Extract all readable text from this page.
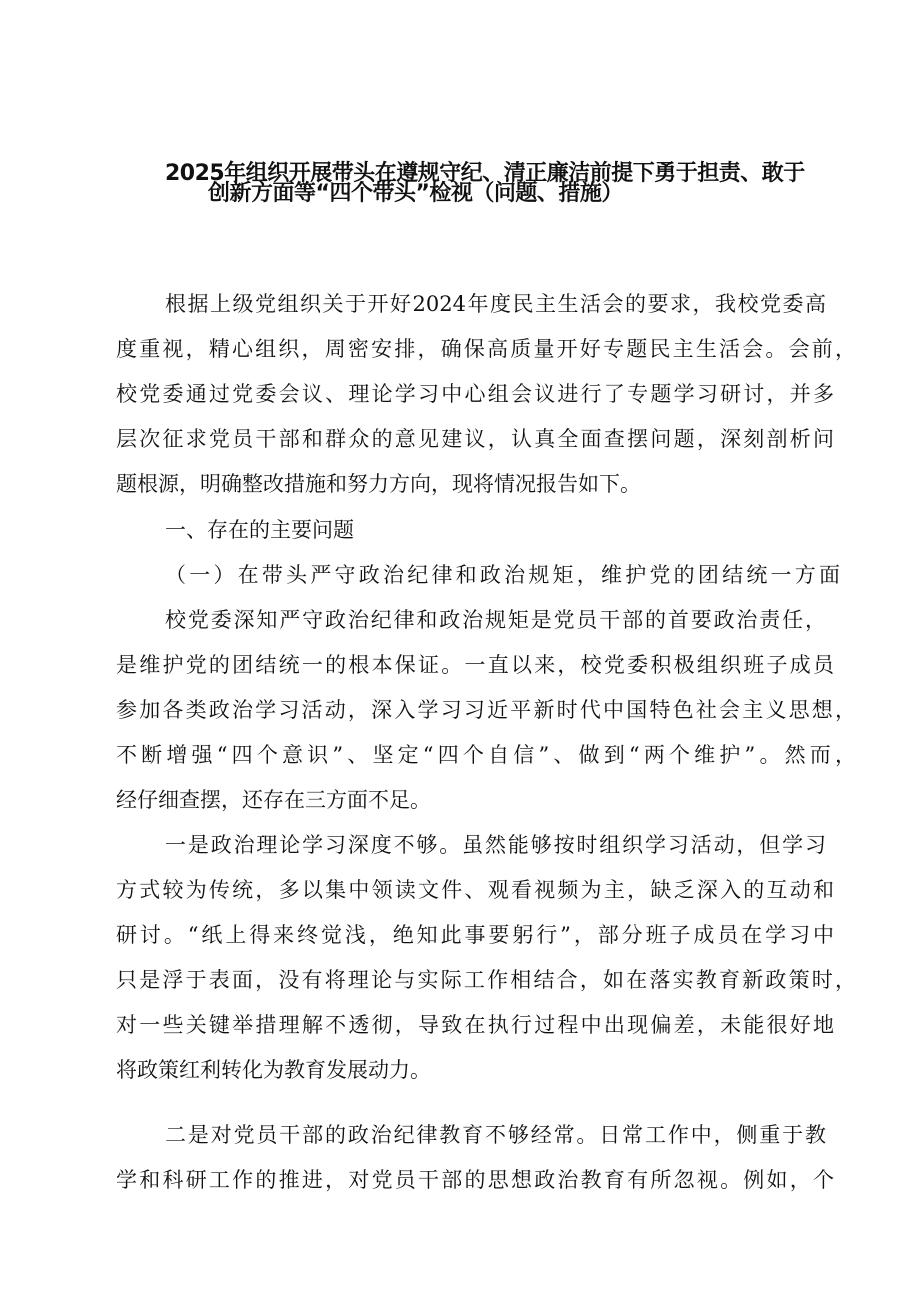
2025年组织开展带头在遵规守纪、清正廉洁前提下勇于担责、敢于

创新方面等“四个带头”检视（问题、措施）

根据上级党组织关于开好2024年度民主生活会的要求，我校党委高

度重视，精心组织，周密安排，确保高质量开好专题民主生活会。会前，

校党委通过党委会议、理论学习中心组会议进行了专题学习研讨，并多

层次征求党员干部和群众的意见建议，认真全面查摆问题，深刻剖析问

题根源，明确整改措施和努力方向，现将情况报告如下。

一、存在的主要问题

（一）在带头严守政治纪律和政治规矩，维护党的团结统一方面

校党委深知严守政治纪律和政治规矩是党员干部的首要政治责任，

是维护党的团结统一的根本保证。一直以来，校党委积极组织班子成员

参加各类政治学习活动，深入学习习近平新时代中国特色社会主义思想，

不断增强“四个意识”、坚定“四个自信”、做到“两个维护”。然而，

经仔细查摆，还存在三方面不足。

一是政治理论学习深度不够。虽然能够按时组织学习活动，但学习

方式较为传统，多以集中领读文件、观看视频为主，缺乏深入的互动和

研讨。“纸上得来终觉浅，绝知此事要躬行”，部分班子成员在学习中

只是浮于表面，没有将理论与实际工作相结合，如在落实教育新政策时，

对一些关键举措理解不透彻，导致在执行过程中出现偏差，未能很好地

将政策红利转化为教育发展动力。

二是对党员干部的政治纪律教育不够经常。日常工作中，侧重于教

学和科研工作的推进，对党员干部的思想政治教育有所忽视。例如，个
